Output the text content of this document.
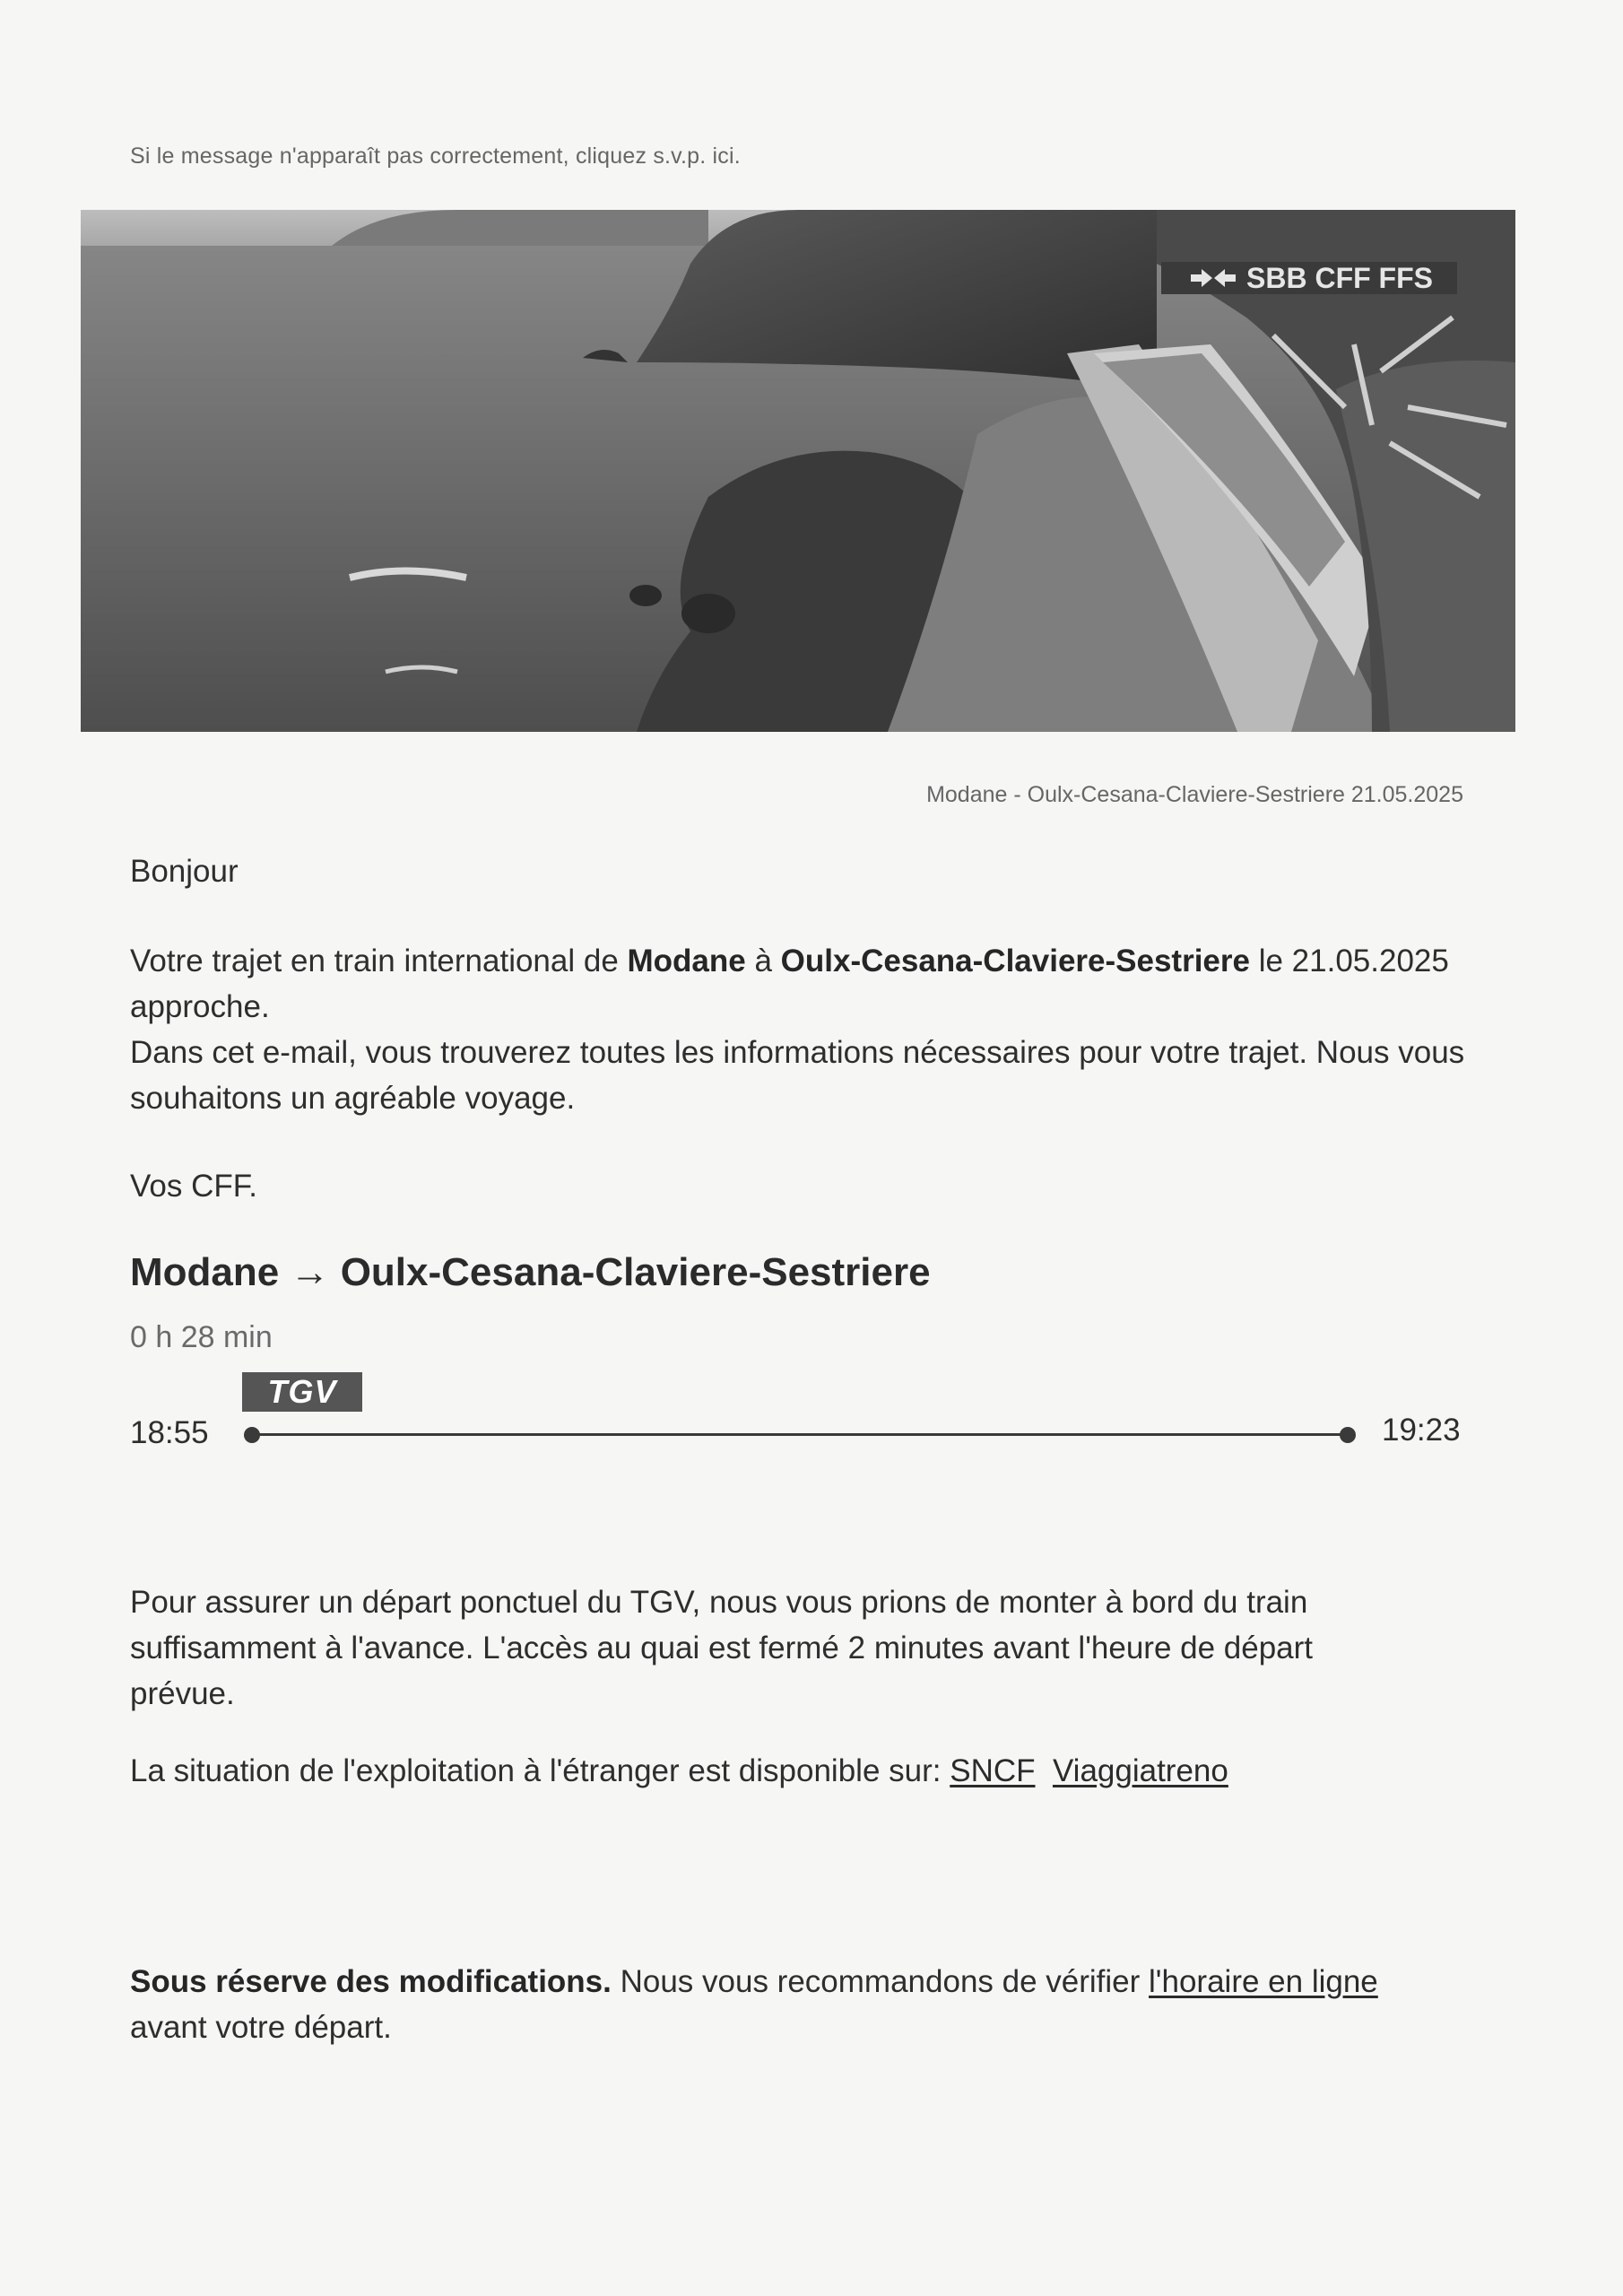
Si le message n'apparaît pas correctement, cliquez s.v.p. ici.
SBB CFF FFS
Modane - Oulx-Cesana-Claviere-Sestriere 21.05.2025
Bonjour
Votre trajet en train international de Modane à Oulx-Cesana-Claviere-Sestriere le 21.05.2025 approche.
Dans cet e-mail, vous trouverez toutes les informations nécessaires pour votre trajet. Nous vous souhaitons un agréable voyage.
Vos CFF.
Modane → Oulx-Cesana-Claviere-Sestriere
0 h 28 min
TGV
18:55	19:23
Pour assurer un départ ponctuel du TGV, nous vous prions de monter à bord du train suffisamment à l'avance. L'accès au quai est fermé 2 minutes avant l'heure de départ prévue.
La situation de l'exploitation à l'étranger est disponible sur: SNCF Viaggiatreno
Sous réserve des modifications. Nous vous recommandons de vérifier l'horaire en ligne avant votre départ.
